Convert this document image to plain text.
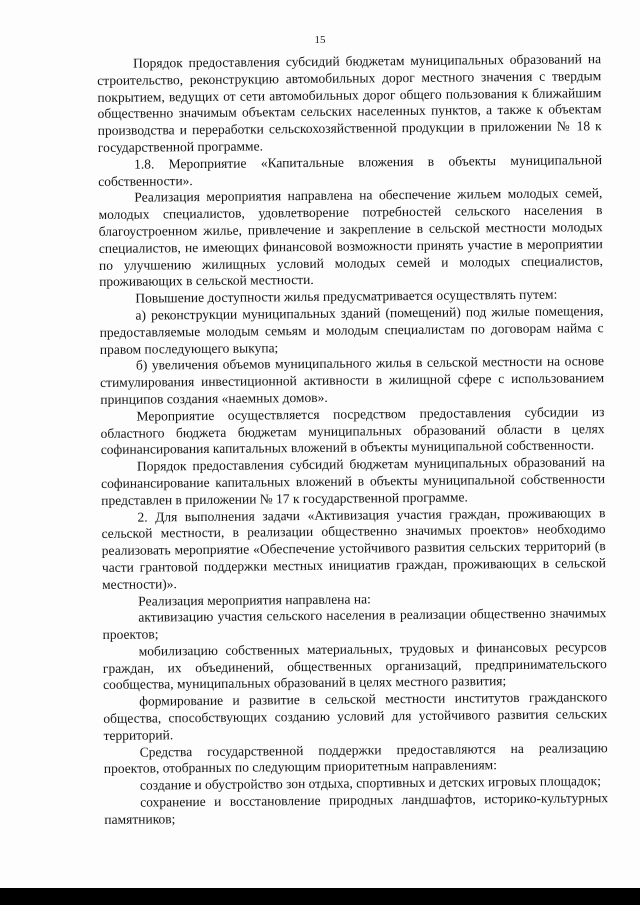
15

Порядок предоставления субсидий бюджетам муниципальных образований на строительство, реконструкцию автомобильных дорог местного значения с твердым покрытием, ведущих от сети автомобильных дорог общего пользования к ближайшим общественно значимым объектам сельских населенных пунктов, а также к объектам производства и переработки сельскохозяйственной продукции в приложении № 18 к государственной программе.

1.8. Мероприятие «Капитальные вложения в объекты муниципальной собственности».

Реализация мероприятия направлена на обеспечение жильем молодых семей, молодых специалистов, удовлетворение потребностей сельского населения в благоустроенном жилье, привлечение и закрепление в сельской местности молодых специалистов, не имеющих финансовой возможности принять участие в мероприятии по улучшению жилищных условий молодых семей и молодых специалистов, проживающих в сельской местности.

Повышение доступности жилья предусматривается осуществлять путем:

а) реконструкции муниципальных зданий (помещений) под жилые помещения, предоставляемые молодым семьям и молодым специалистам по договорам найма с правом последующего выкупа;

б) увеличения объемов муниципального жилья в сельской местности на основе стимулирования инвестиционной активности в жилищной сфере с использованием принципов создания «наемных домов».

Мероприятие осуществляется посредством предоставления субсидии из областного бюджета бюджетам муниципальных образований области в целях софинансирования капитальных вложений в объекты муниципальной собственности.

Порядок предоставления субсидий бюджетам муниципальных образований на софинансирование капитальных вложений в объекты муниципальной собственности представлен в приложении № 17 к государственной программе.

2. Для выполнения задачи «Активизация участия граждан, проживающих в сельской местности, в реализации общественно значимых проектов» необходимо реализовать мероприятие «Обеспечение устойчивого развития сельских территорий (в части грантовой поддержки местных инициатив граждан, проживающих в сельской местности)».

Реализация мероприятия направлена на:

активизацию участия сельского населения в реализации общественно значимых проектов;

мобилизацию собственных материальных, трудовых и финансовых ресурсов граждан, их объединений, общественных организаций, предпринимательского сообщества, муниципальных образований в целях местного развития;

формирование и развитие в сельской местности институтов гражданского общества, способствующих созданию условий для устойчивого развития сельских территорий.

Средства государственной поддержки предоставляются на реализацию проектов, отобранных по следующим приоритетным направлениям:

создание и обустройство зон отдыха, спортивных и детских игровых площадок;

сохранение и восстановление природных ландшафтов, историко-культурных памятников;
